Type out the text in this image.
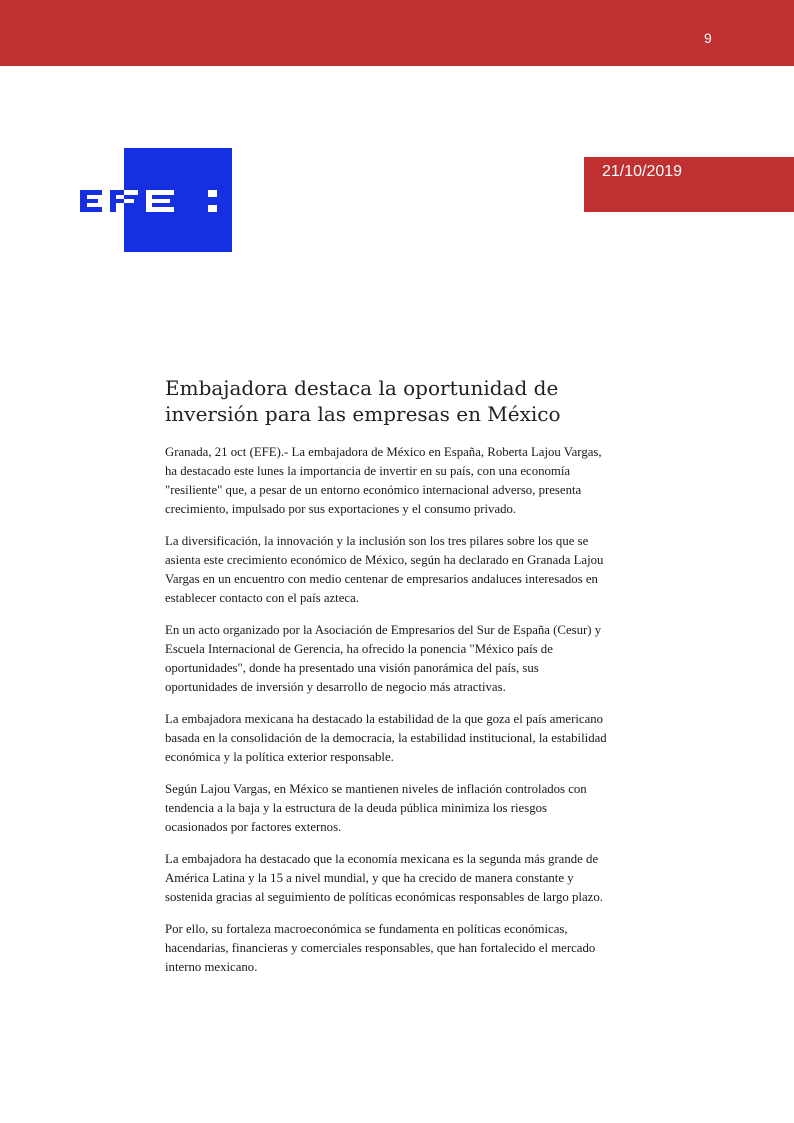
9
21/10/2019
Embajadora destaca la oportunidad de inversión para las empresas en México

Granada, 21 oct (EFE).- La embajadora de México en España, Roberta Lajou Vargas, ha destacado este lunes la importancia de invertir en su país, con una economía "resiliente" que, a pesar de un entorno económico internacional adverso, presenta crecimiento, impulsado por sus exportaciones y el consumo privado.

La diversificación, la innovación y la inclusión son los tres pilares sobre los que se asienta este crecimiento económico de México, según ha declarado en Granada Lajou Vargas en un encuentro con medio centenar de empresarios andaluces interesados en establecer contacto con el país azteca.

En un acto organizado por la Asociación de Empresarios del Sur de España (Cesur) y Escuela Internacional de Gerencia, ha ofrecido la ponencia "México país de oportunidades", donde ha presentado una visión panorámica del país, sus oportunidades de inversión y desarrollo de negocio más atractivas.

La embajadora mexicana ha destacado la estabilidad de la que goza el país americano basada en la consolidación de la democracia, la estabilidad institucional, la estabilidad económica y la política exterior responsable.

Según Lajou Vargas, en México se mantienen niveles de inflación controlados con tendencia a la baja y la estructura de la deuda pública minimiza los riesgos ocasionados por factores externos.

La embajadora ha destacado que la economía mexicana es la segunda más grande de América Latina y la 15 a nivel mundial, y que ha crecido de manera constante y sostenida gracias al seguimiento de políticas económicas responsables de largo plazo.

Por ello, su fortaleza macroeconómica se fundamenta en políticas económicas, hacendarias, financieras y comerciales responsables, que han fortalecido el mercado interno mexicano.
